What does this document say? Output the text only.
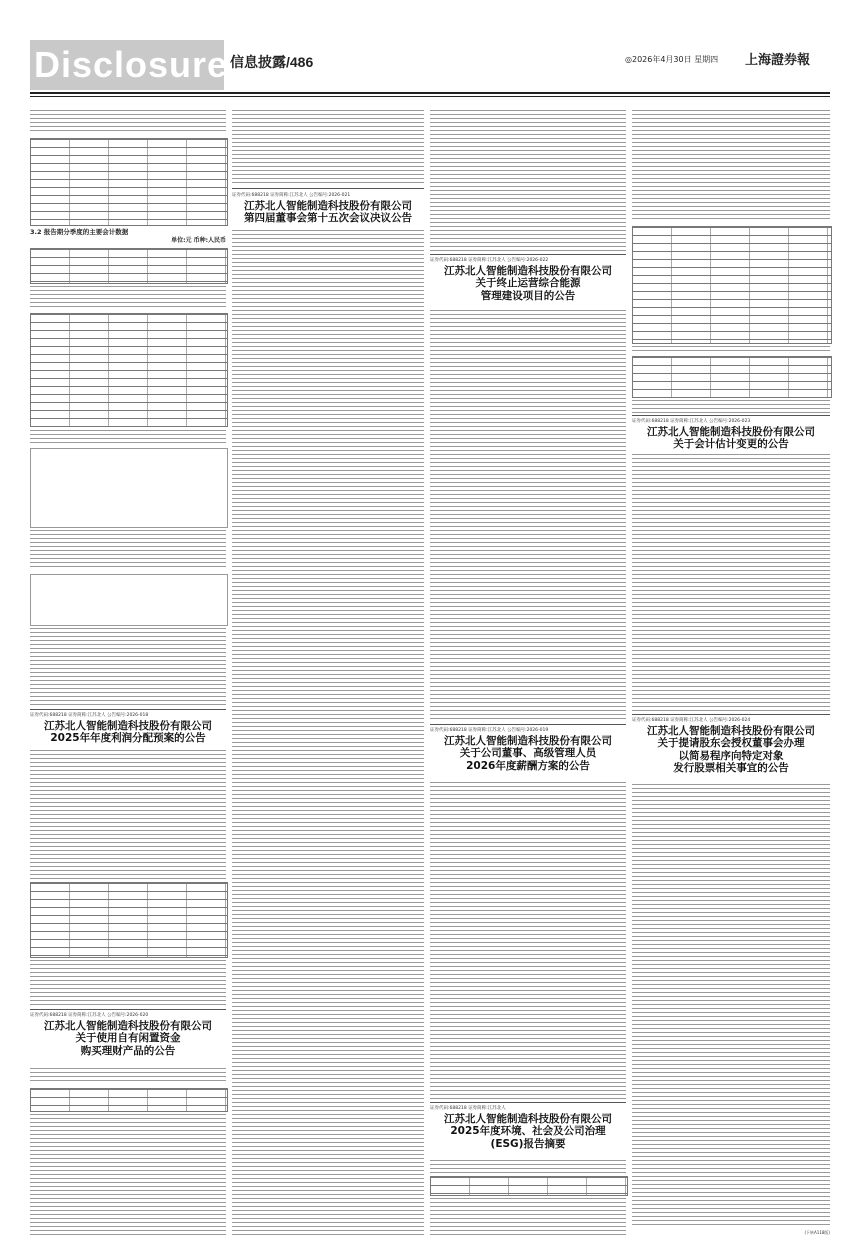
Disclosure 信息披露/486	◎2026年4月30日 星期四 上海證券報
3.2 报告期分季度的主要会计数据
单位:元 币种:人民币
证券代码:688218 证券简称:江苏北人 公告编号:2026-018
江苏北人智能制造科技股份有限公司
2025年年度利润分配预案的公告
证券代码:688218 证券简称:江苏北人 公告编号:2026-020
江苏北人智能制造科技股份有限公司
关于使用自有闲置资金
购买理财产品的公告
证券代码:688218 证券简称:江苏北人 公告编号:2026-021
江苏北人智能制造科技股份有限公司
第四届董事会第十五次会议决议公告
证券代码:688218 证券简称:江苏北人 公告编号:2026-022
江苏北人智能制造科技股份有限公司
关于终止运营综合能源
管理建设项目的公告
证券代码:688218 证券简称:江苏北人 公告编号:2026-019
江苏北人智能制造科技股份有限公司
关于公司董事、高级管理人员
2026年度薪酬方案的公告
证券代码:688218 证券简称:江苏北人
江苏北人智能制造科技股份有限公司
2025年度环境、社会及公司治理
(ESG)报告摘要
证券代码:688218 证券简称:江苏北人 公告编号:2026-023
江苏北人智能制造科技股份有限公司
关于会计估计变更的公告
证券代码:688218 证券简称:江苏北人 公告编号:2026-024
江苏北人智能制造科技股份有限公司
关于提请股东会授权董事会办理
以简易程序向特定对象
发行股票相关事宜的公告
(下转A118版)
